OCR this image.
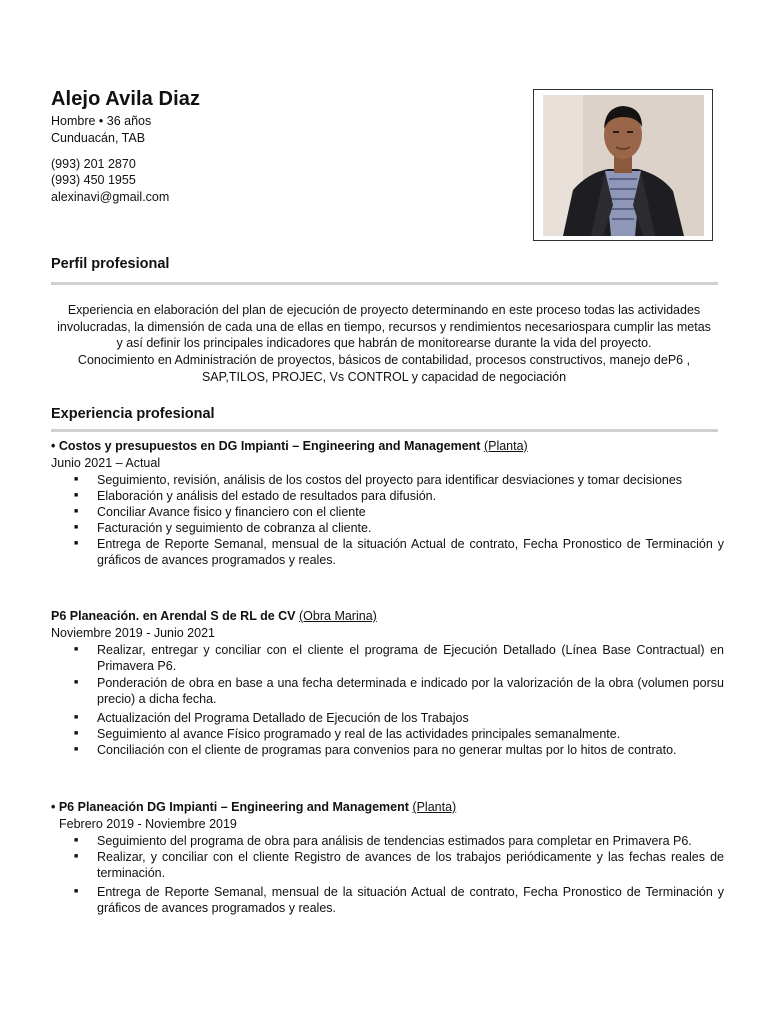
Alejo Avila Diaz
Hombre • 36 años
Cunduacán, TAB
(993) 201 2870
(993) 450 1955
alexinavi@gmail.com
Perfil profesional
Experiencia en elaboración del plan de ejecución de proyecto determinando en este proceso todas las actividades
involucradas, la dimensión de cada una de ellas en tiempo, recursos y rendimientos necesariospara cumplir las metas
y así definir los principales indicadores que habrán de monitorearse durante la vida del proyecto.
Conocimiento en Administración de proyectos, básicos de contabilidad, procesos constructivos, manejo deP6 ,
SAP,TILOS, PROJEC, Vs CONTROL y capacidad de negociación
Experiencia profesional
• Costos y presupuestos en DG Impianti – Engineering and Management (Planta)
Junio 2021 – Actual
■ Seguimiento, revisión, análisis de los costos del proyecto para identificar desviaciones y tomar decisiones
■ Elaboración y análisis del estado de resultados para difusión.
■ Conciliar Avance fisico y financiero con el cliente
■ Facturación y seguimiento de cobranza al cliente.
■ Entrega de Reporte Semanal, mensual de la situación Actual de contrato, Fecha Pronostico de Terminación y gráficos de avances programados y reales.
P6 Planeación. en Arendal S de RL de CV (Obra Marina)
Noviembre 2019 - Junio 2021
■ Realizar, entregar y conciliar con el cliente el programa de Ejecución Detallado (Línea Base Contractual) en Primavera P6.
■ Ponderación de obra en base a una fecha determinada e indicado por la valorización de la obra (volumen porsu precio) a dicha fecha.
■ Actualización del Programa Detallado de Ejecución de los Trabajos
■ Seguimiento al avance Físico programado y real de las actividades principales semanalmente.
■ Conciliación con el cliente de programas para convenios para no generar multas por lo hitos de contrato.
• P6 Planeación DG Impianti – Engineering and Management (Planta)
Febrero 2019 - Noviembre 2019
■ Seguimiento del programa de obra para análisis de tendencias estimados para completar en Primavera P6.
■ Realizar, y conciliar con el cliente Registro de avances de los trabajos periódicamente y las fechas reales de terminación.
■ Entrega de Reporte Semanal, mensual de la situación Actual de contrato, Fecha Pronostico de Terminación y gráficos de avances programados y reales.
